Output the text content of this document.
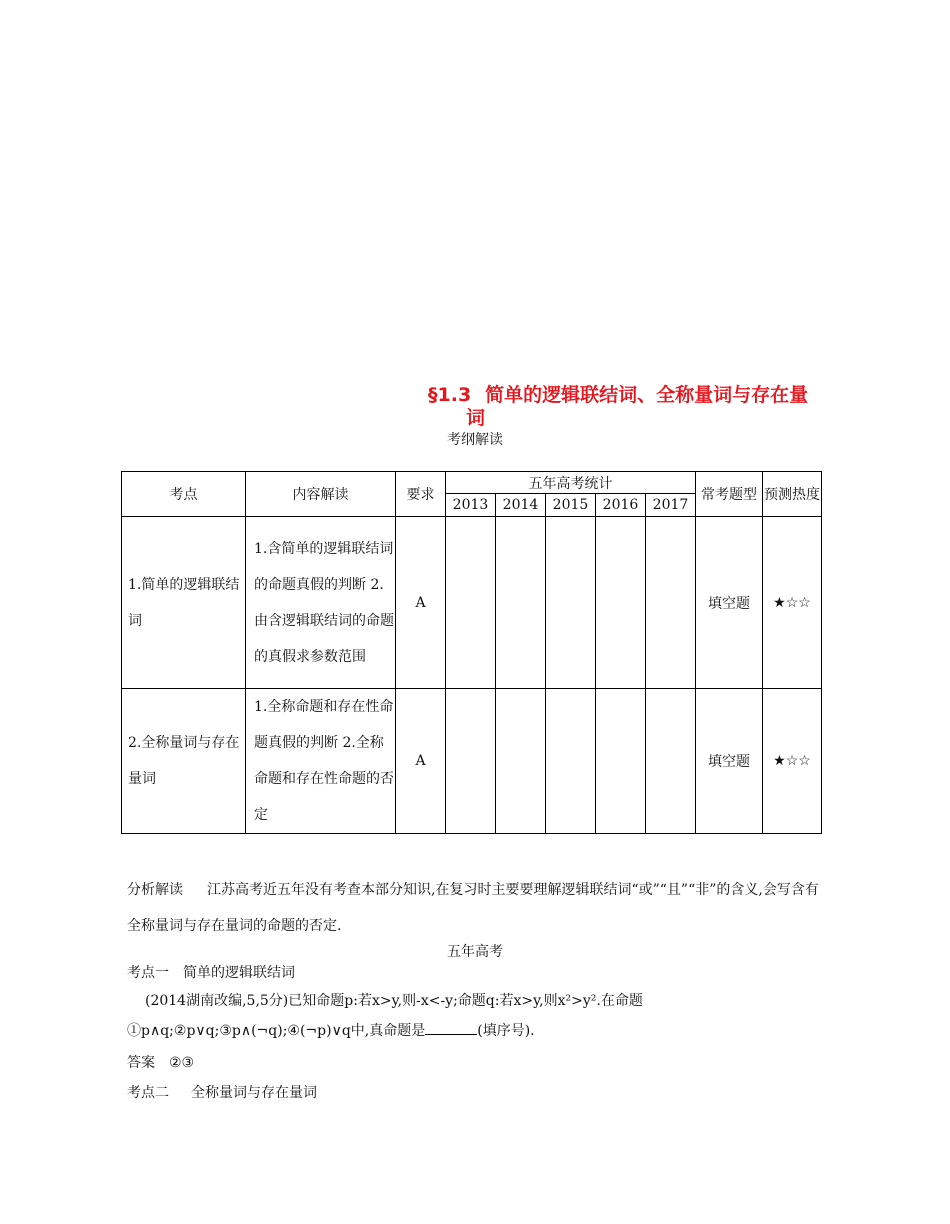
§1.3 简单的逻辑联结词、全称量词与存在量
词
考纲解读
考点	内容解读	要求	五年高考统计					常考题型	预测热度
			2013	2014	2015	2016	2017		
1.简单的逻辑联结词	1.含简单的逻辑联结词的命题真假的判断 2.由含逻辑联结词的命题的真假求参数范围	A						填空题	★☆☆
2.全称量词与存在量词	1.全称命题和存在性命题真假的判断 2.全称命题和存在性命题的否定	A						填空题	★☆☆
分析解读 江苏高考近五年没有考查本部分知识,在复习时主要要理解逻辑联结词“或”“且”“非”的含义,会写含有全称量词与存在量词的命题的否定.
五年高考
考点一 简单的逻辑联结词
(2014湖南改编,5,5分)已知命题p:若x>y,则-x<-y;命题q:若x>y,则x²>y².在命题①p∧q;②p∨q;③p∧(¬q);④(¬p)∨q中,真命题是	(填序号).
答案 ②③
考点二 全称量词与存在量词
